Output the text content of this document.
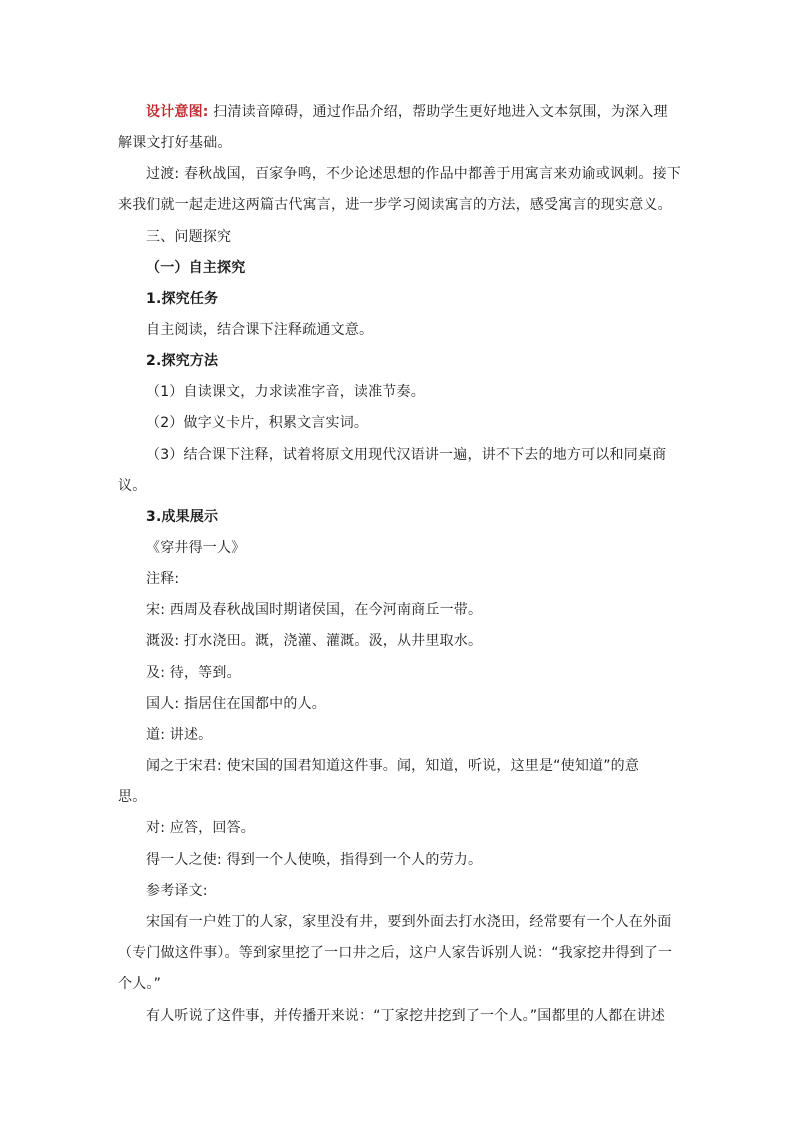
设计意图: 扫清读音障碍，通过作品介绍，帮助学生更好地进入文本氛围，为深入理
解课文打好基础。
过渡: 春秋战国，百家争鸣，不少论述思想的作品中都善于用寓言来劝谕或讽刺。接下
来我们就一起走进这两篇古代寓言，进一步学习阅读寓言的方法，感受寓言的现实意义。
三、问题探究
（一）自主探究
1.探究任务
自主阅读，结合课下注释疏通文意。
2.探究方法
（1）自读课文，力求读准字音，读准节奏。
（2）做字义卡片，积累文言实词。
（3）结合课下注释，试着将原文用现代汉语讲一遍，讲不下去的地方可以和同桌商
议。
3.成果展示
《穿井得一人》
注释:
宋: 西周及春秋战国时期诸侯国，在今河南商丘一带。
溉汲: 打水浇田。溉，浇灌、灌溉。汲，从井里取水。
及: 待，等到。
国人: 指居住在国都中的人。
道: 讲述。
闻之于宋君: 使宋国的国君知道这件事。闻，知道，听说，这里是“使知道”的意
思。
对: 应答，回答。
得一人之使: 得到一个人使唤，指得到一个人的劳力。
参考译文:
宋国有一户姓丁的人家，家里没有井，要到外面去打水浇田，经常要有一个人在外面
（专门做这件事）。等到家里挖了一口井之后，这户人家告诉别人说：“我家挖井得到了一
个人。”
有人听说了这件事，并传播开来说：“丁家挖井挖到了一个人。”国都里的人都在讲述
